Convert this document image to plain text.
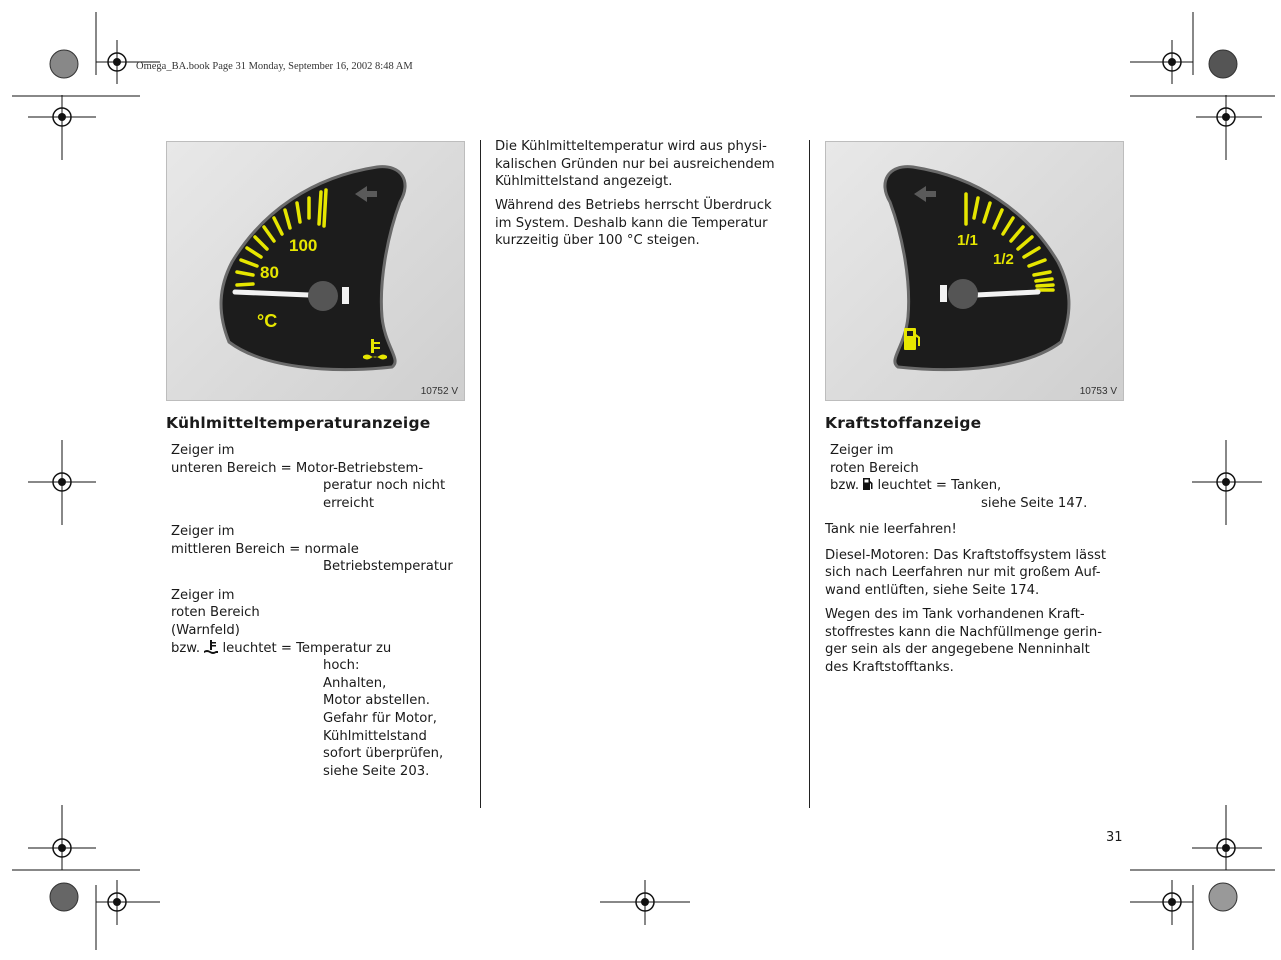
Omega_BA.book Page 31 Monday, September 16, 2002 8:48 AM
80
100
°C
10752 V
Kühlmitteltemperaturanzeige
Zeiger im
unteren Bereich = Motor-Betriebstem-
peratur noch nicht
erreicht
Zeiger im
mittleren Bereich = normale
Betriebstemperatur
Zeiger im
roten Bereich
(Warnfeld)
bzw. leuchtet = Temperatur zu
hoch:
Anhalten,
Motor abstellen.
Gefahr für Motor,
Kühlmittelstand
sofort überprüfen,
siehe Seite 203.
Die Kühlmitteltemperatur wird aus physi-
kalischen Gründen nur bei ausreichendem
Kühlmittelstand angezeigt.
Während des Betriebs herrscht Überdruck
im System. Deshalb kann die Temperatur
kurzzeitig über 100 °C steigen.	1/1
1/2
10753 V
Kraftstoffanzeige
Zeiger im
roten Bereich
bzw. leuchtet = Tanken,
siehe Seite 147.
Tank nie leerfahren!
Diesel-Motoren: Das Kraftstoffsystem lässt
sich nach Leerfahren nur mit großem Auf-
wand entlüften, siehe Seite 174.
Wegen des im Tank vorhandenen Kraft-
stoffrestes kann die Nachfüllmenge gerin-
ger sein als der angegebene Nenninhalt
des Kraftstofftanks.
31
